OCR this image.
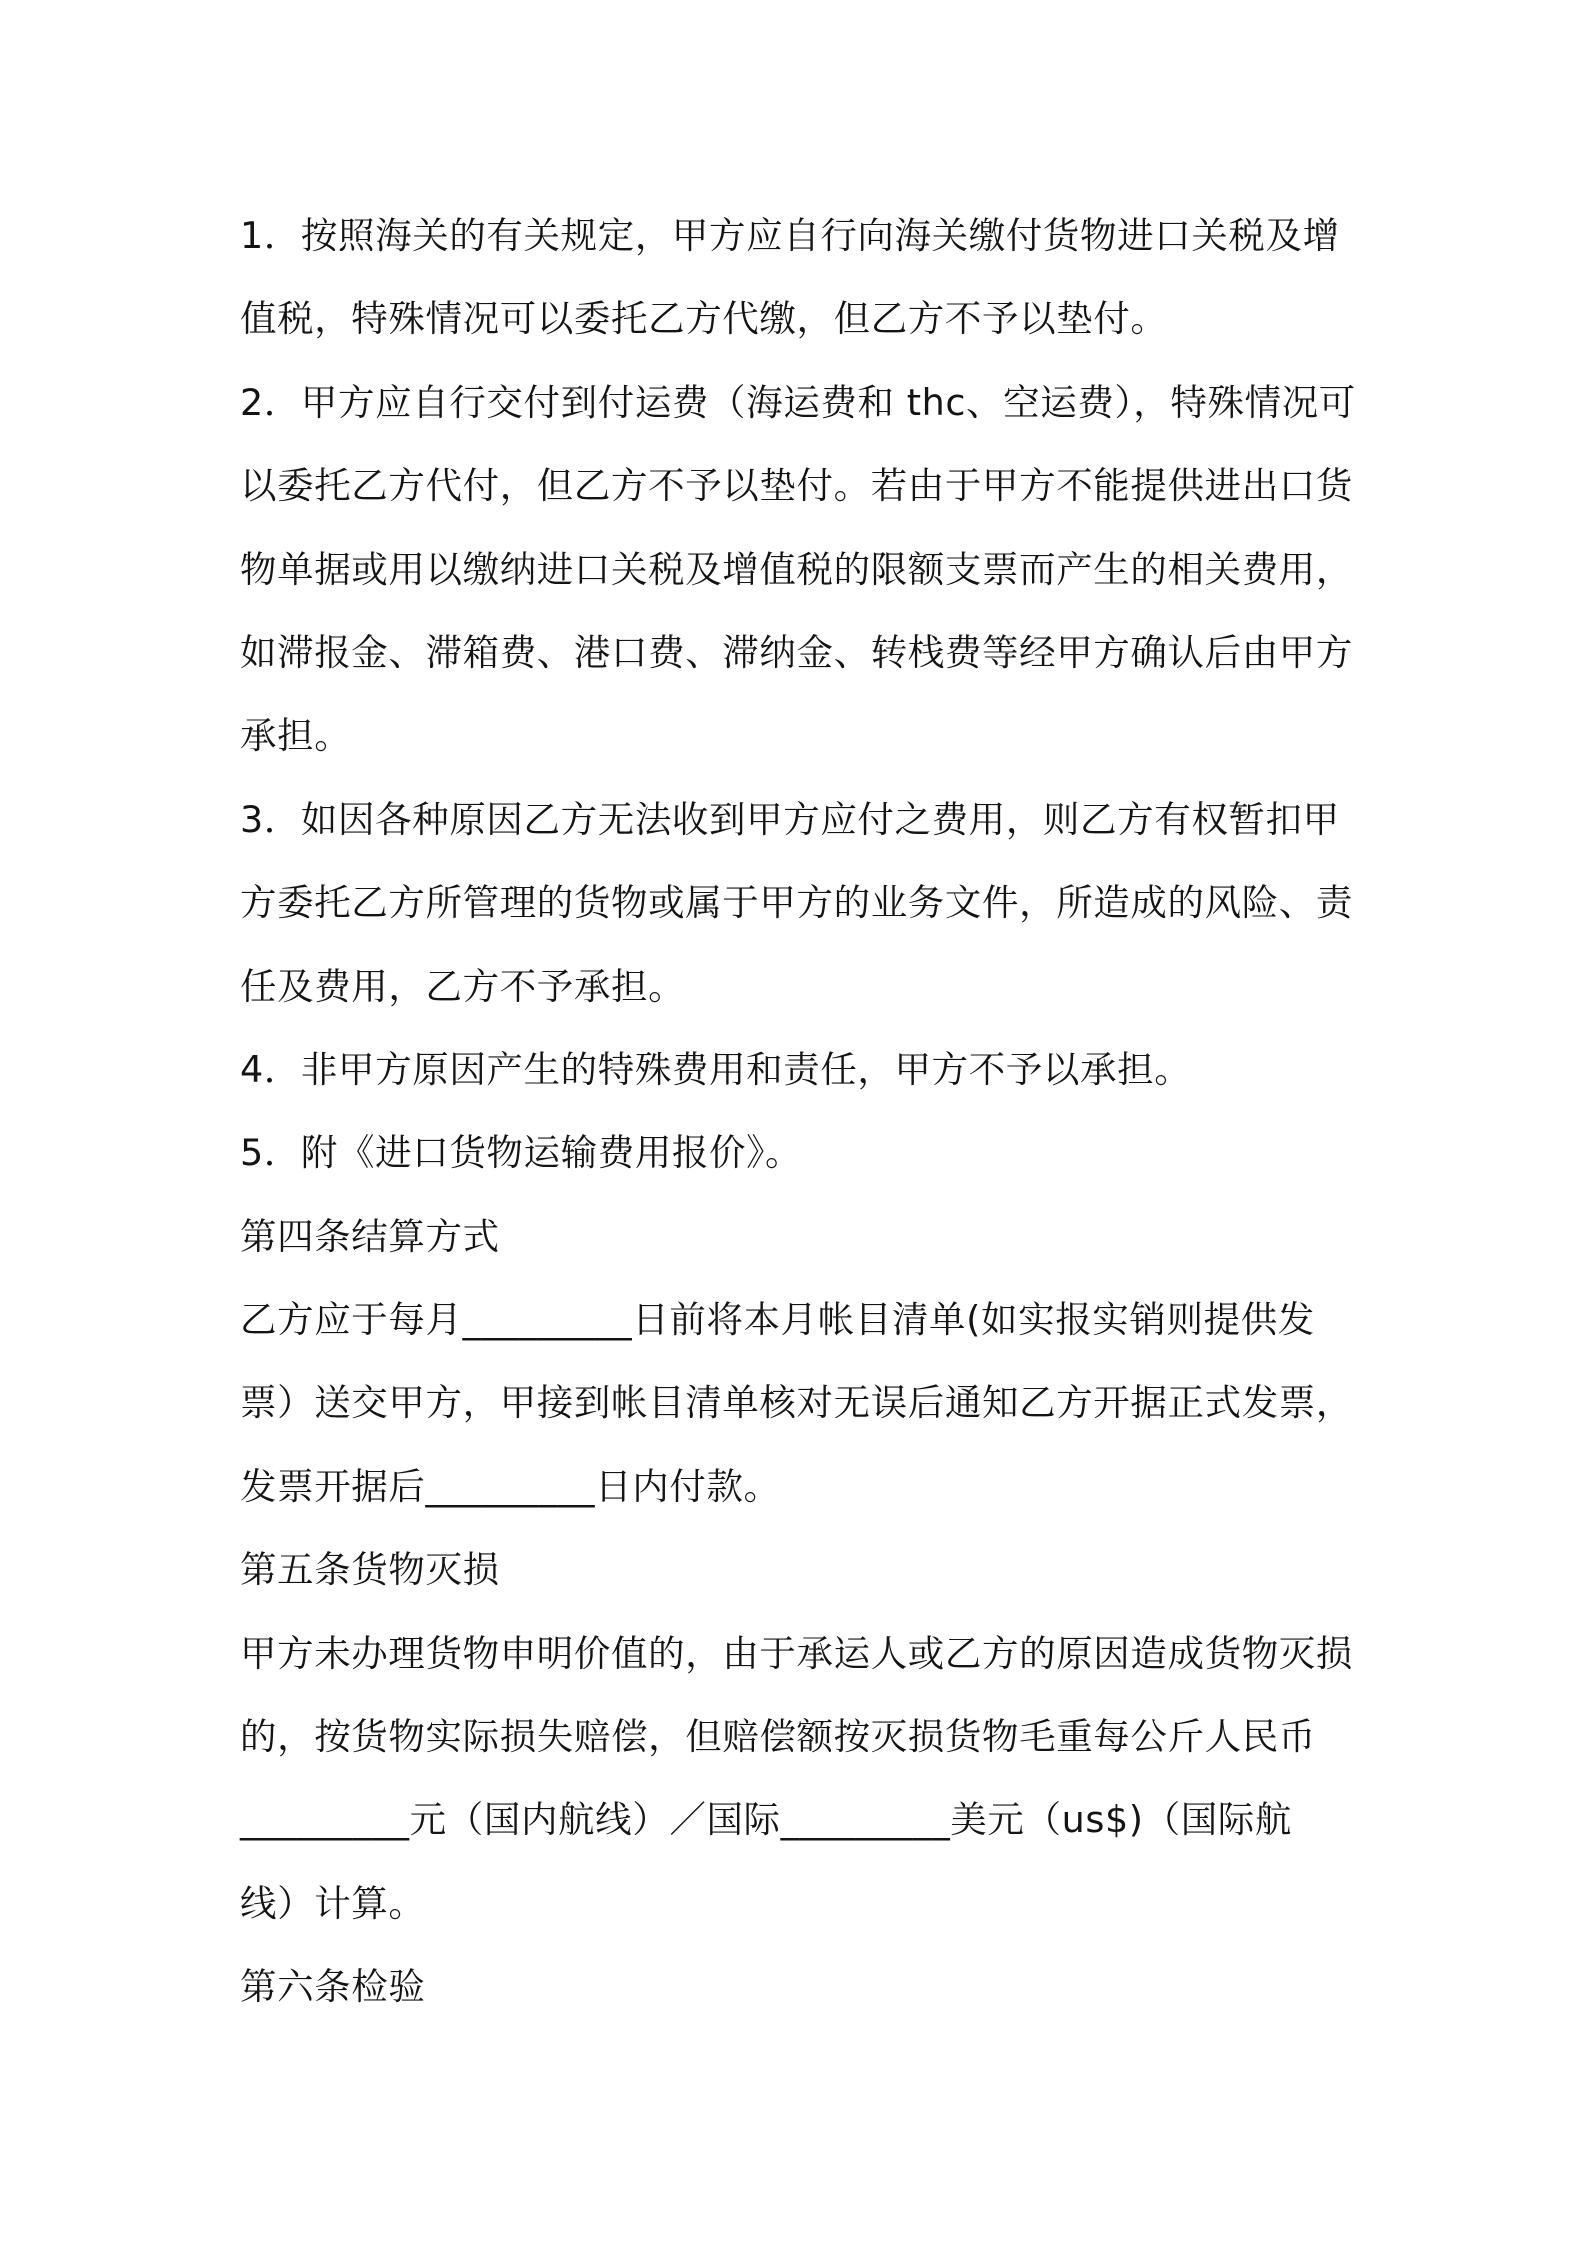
1．按照海关的有关规定，甲方应自行向海关缴付货物进口关税及增
值税，特殊情况可以委托乙方代缴，但乙方不予以垫付。
2．甲方应自行交付到付运费（海运费和 thc、空运费），特殊情况可
以委托乙方代付，但乙方不予以垫付。若由于甲方不能提供进出口货
物单据或用以缴纳进口关税及增值税的限额支票而产生的相关费用，
如滞报金、滞箱费、港口费、滞纳金、转栈费等经甲方确认后由甲方
承担。
3．如因各种原因乙方无法收到甲方应付之费用，则乙方有权暂扣甲
方委托乙方所管理的货物或属于甲方的业务文件，所造成的风险、责
任及费用，乙方不予承担。
4．非甲方原因产生的特殊费用和责任，甲方不予以承担。
5．附《进口货物运输费用报价》。
第四条结算方式
乙方应于每月_________日前将本月帐目清单(如实报实销则提供发
票）送交甲方，甲接到帐目清单核对无误后通知乙方开据正式发票，
发票开据后_________日内付款。
第五条货物灭损
甲方未办理货物申明价值的，由于承运人或乙方的原因造成货物灭损
的，按货物实际损失赔偿，但赔偿额按灭损货物毛重每公斤人民币
_________元（国内航线）／国际_________美元（us$)（国际航
线）计算。
第六条检验
